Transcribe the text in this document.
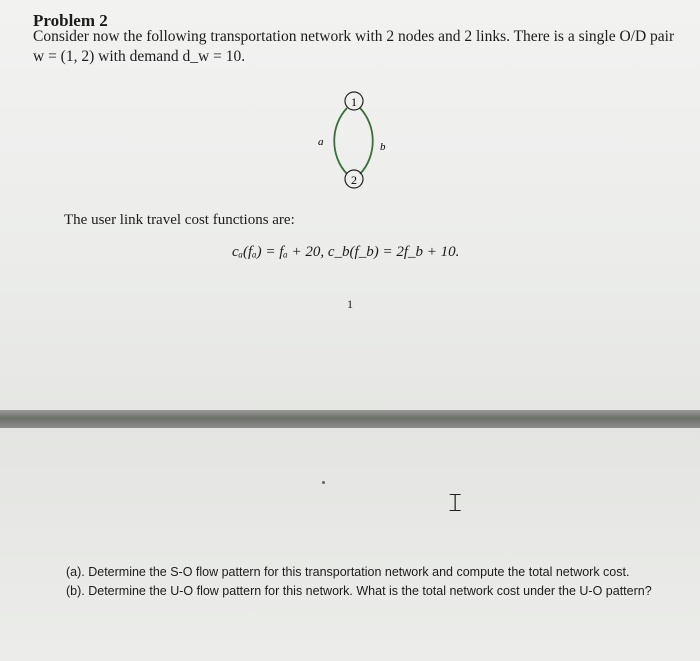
Problem 2
Consider now the following transportation network with 2 nodes and 2 links. There is a single O/D pair w = (1, 2) with demand d_w = 10.
1
2
a	b
The user link travel cost functions are:
cₐ(fₐ) = fₐ + 20, c_b(f_b) = 2f_b + 10.
1
𝙸

(a). Determine the S-O flow pattern for this transportation network and compute the total network cost.

(b). Determine the U-O flow pattern for this network. What is the total network cost under the U-O pattern?
